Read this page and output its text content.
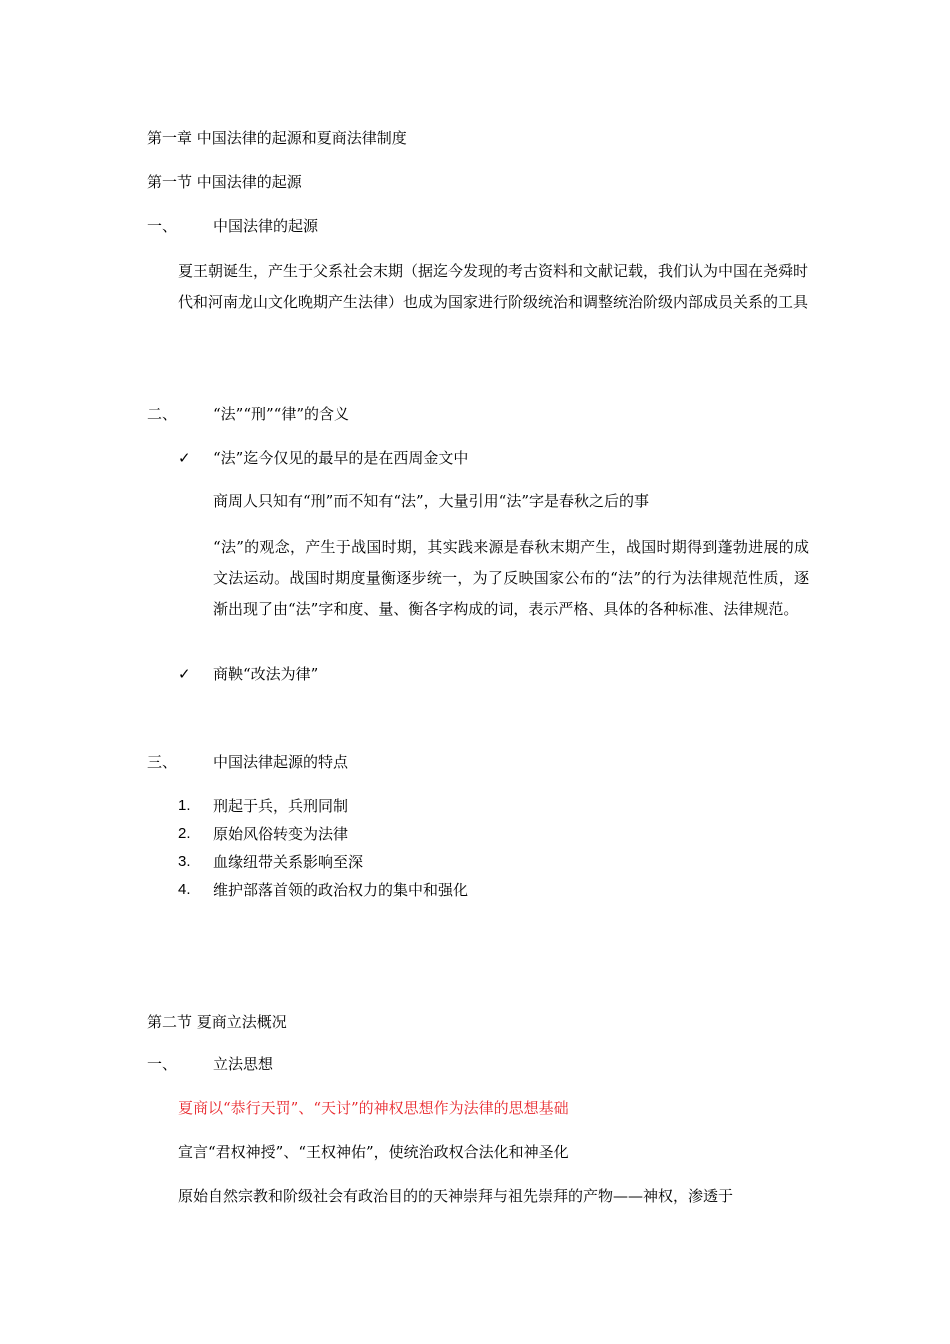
第一章 中国法律的起源和夏商法律制度
第一节 中国法律的起源
一、 中国法律的起源
夏王朝诞生，产生于父系社会末期（据迄今发现的考古资料和文献记载，我们认为中国在尧舜时代和河南龙山文化晚期产生法律）也成为国家进行阶级统治和调整统治阶级内部成员关系的工具
二、 “法”“刑”“律”的含义
✓ “法”迄今仅见的最早的是在西周金文中
商周人只知有“刑”而不知有“法”，大量引用“法”字是春秋之后的事
“法”的观念，产生于战国时期，其实践来源是春秋末期产生，战国时期得到蓬勃进展的成文法运动。战国时期度量衡逐步统一，为了反映国家公布的“法”的行为法律规范性质，逐渐出现了由“法”字和度、量、衡各字构成的词，表示严格、具体的各种标准、法律规范。
✓ 商鞅“改法为律”
三、 中国法律起源的特点
1. 刑起于兵，兵刑同制
2. 原始风俗转变为法律
3. 血缘纽带关系影响至深
4. 维护部落首领的政治权力的集中和强化
第二节 夏商立法概况
一、 立法思想
夏商以“恭行天罚”、“天讨”的神权思想作为法律的思想基础
宣言“君权神授”、“王权神佑”，使统治政权合法化和神圣化
原始自然宗教和阶级社会有政治目的的天神崇拜与祖先崇拜的产物——神权，渗透于
